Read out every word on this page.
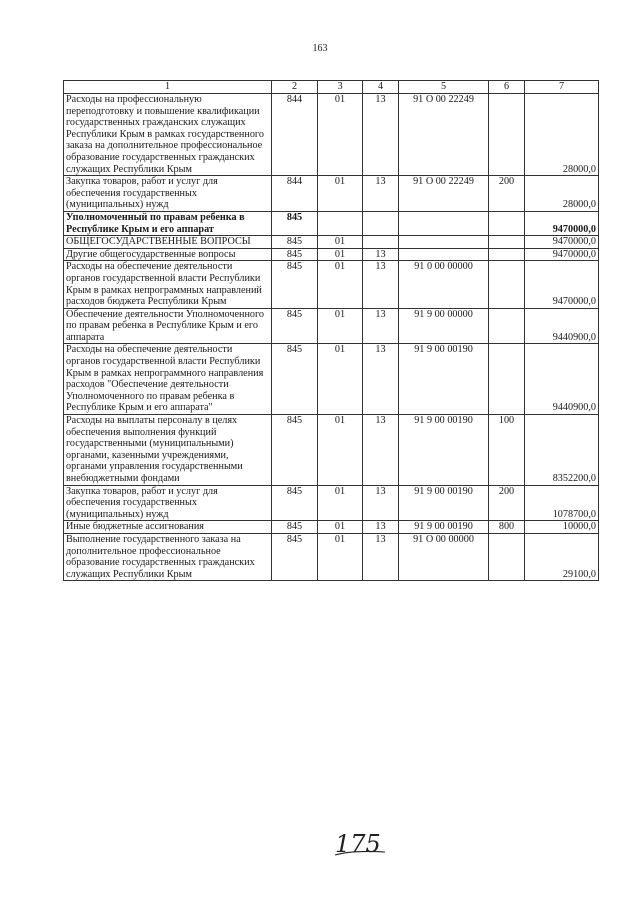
163
1	2	3	4	5	6	7
Расходы на профессиональную переподготовку и повышение квалификации государственных гражданских служащих Республики Крым в рамках государственного заказа на дополнительное профессиональное образование государственных гражданских служащих Республики Крым	844	01	13	91 О 00 22249		28000,0
Закупка товаров, работ и услуг для обеспечения государственных (муниципальных) нужд	844	01	13	91 О 00 22249	200	28000,0
Уполномоченный по правам ребенка в Республике Крым и его аппарат	845					9470000,0
ОБЩЕГОСУДАРСТВЕННЫЕ ВОПРОСЫ	845	01				9470000,0
Другие общегосударственные вопросы	845	01	13			9470000,0
Расходы на обеспечение деятельности органов государственной власти Республики Крым в рамках непрограммных направлений расходов бюджета Республики Крым	845	01	13	91 0 00 00000		9470000,0
Обеспечение деятельности Уполномоченного по правам ребенка в Республике Крым и его аппарата	845	01	13	91 9 00 00000		9440900,0
Расходы на обеспечение деятельности органов государственной власти Республики Крым в рамках непрограммного направления расходов "Обеспечение деятельности Уполномоченного по правам ребенка в Республике Крым и его аппарата"	845	01	13	91 9 00 00190		9440900,0
Расходы на выплаты персоналу в целях обеспечения выполнения функций государственными (муниципальными) органами, казенными учреждениями, органами управления государственными внебюджетными фондами	845	01	13	91 9 00 00190	100	8352200,0
Закупка товаров, работ и услуг для обеспечения государственных (муниципальных) нужд	845	01	13	91 9 00 00190	200	1078700,0
Иные бюджетные ассигнования	845	01	13	91 9 00 00190	800	10000,0
Выполнение государственного заказа на дополнительное профессиональное образование государственных гражданских служащих Республики Крым	845	01	13	91 О 00 00000		29100,0
175
